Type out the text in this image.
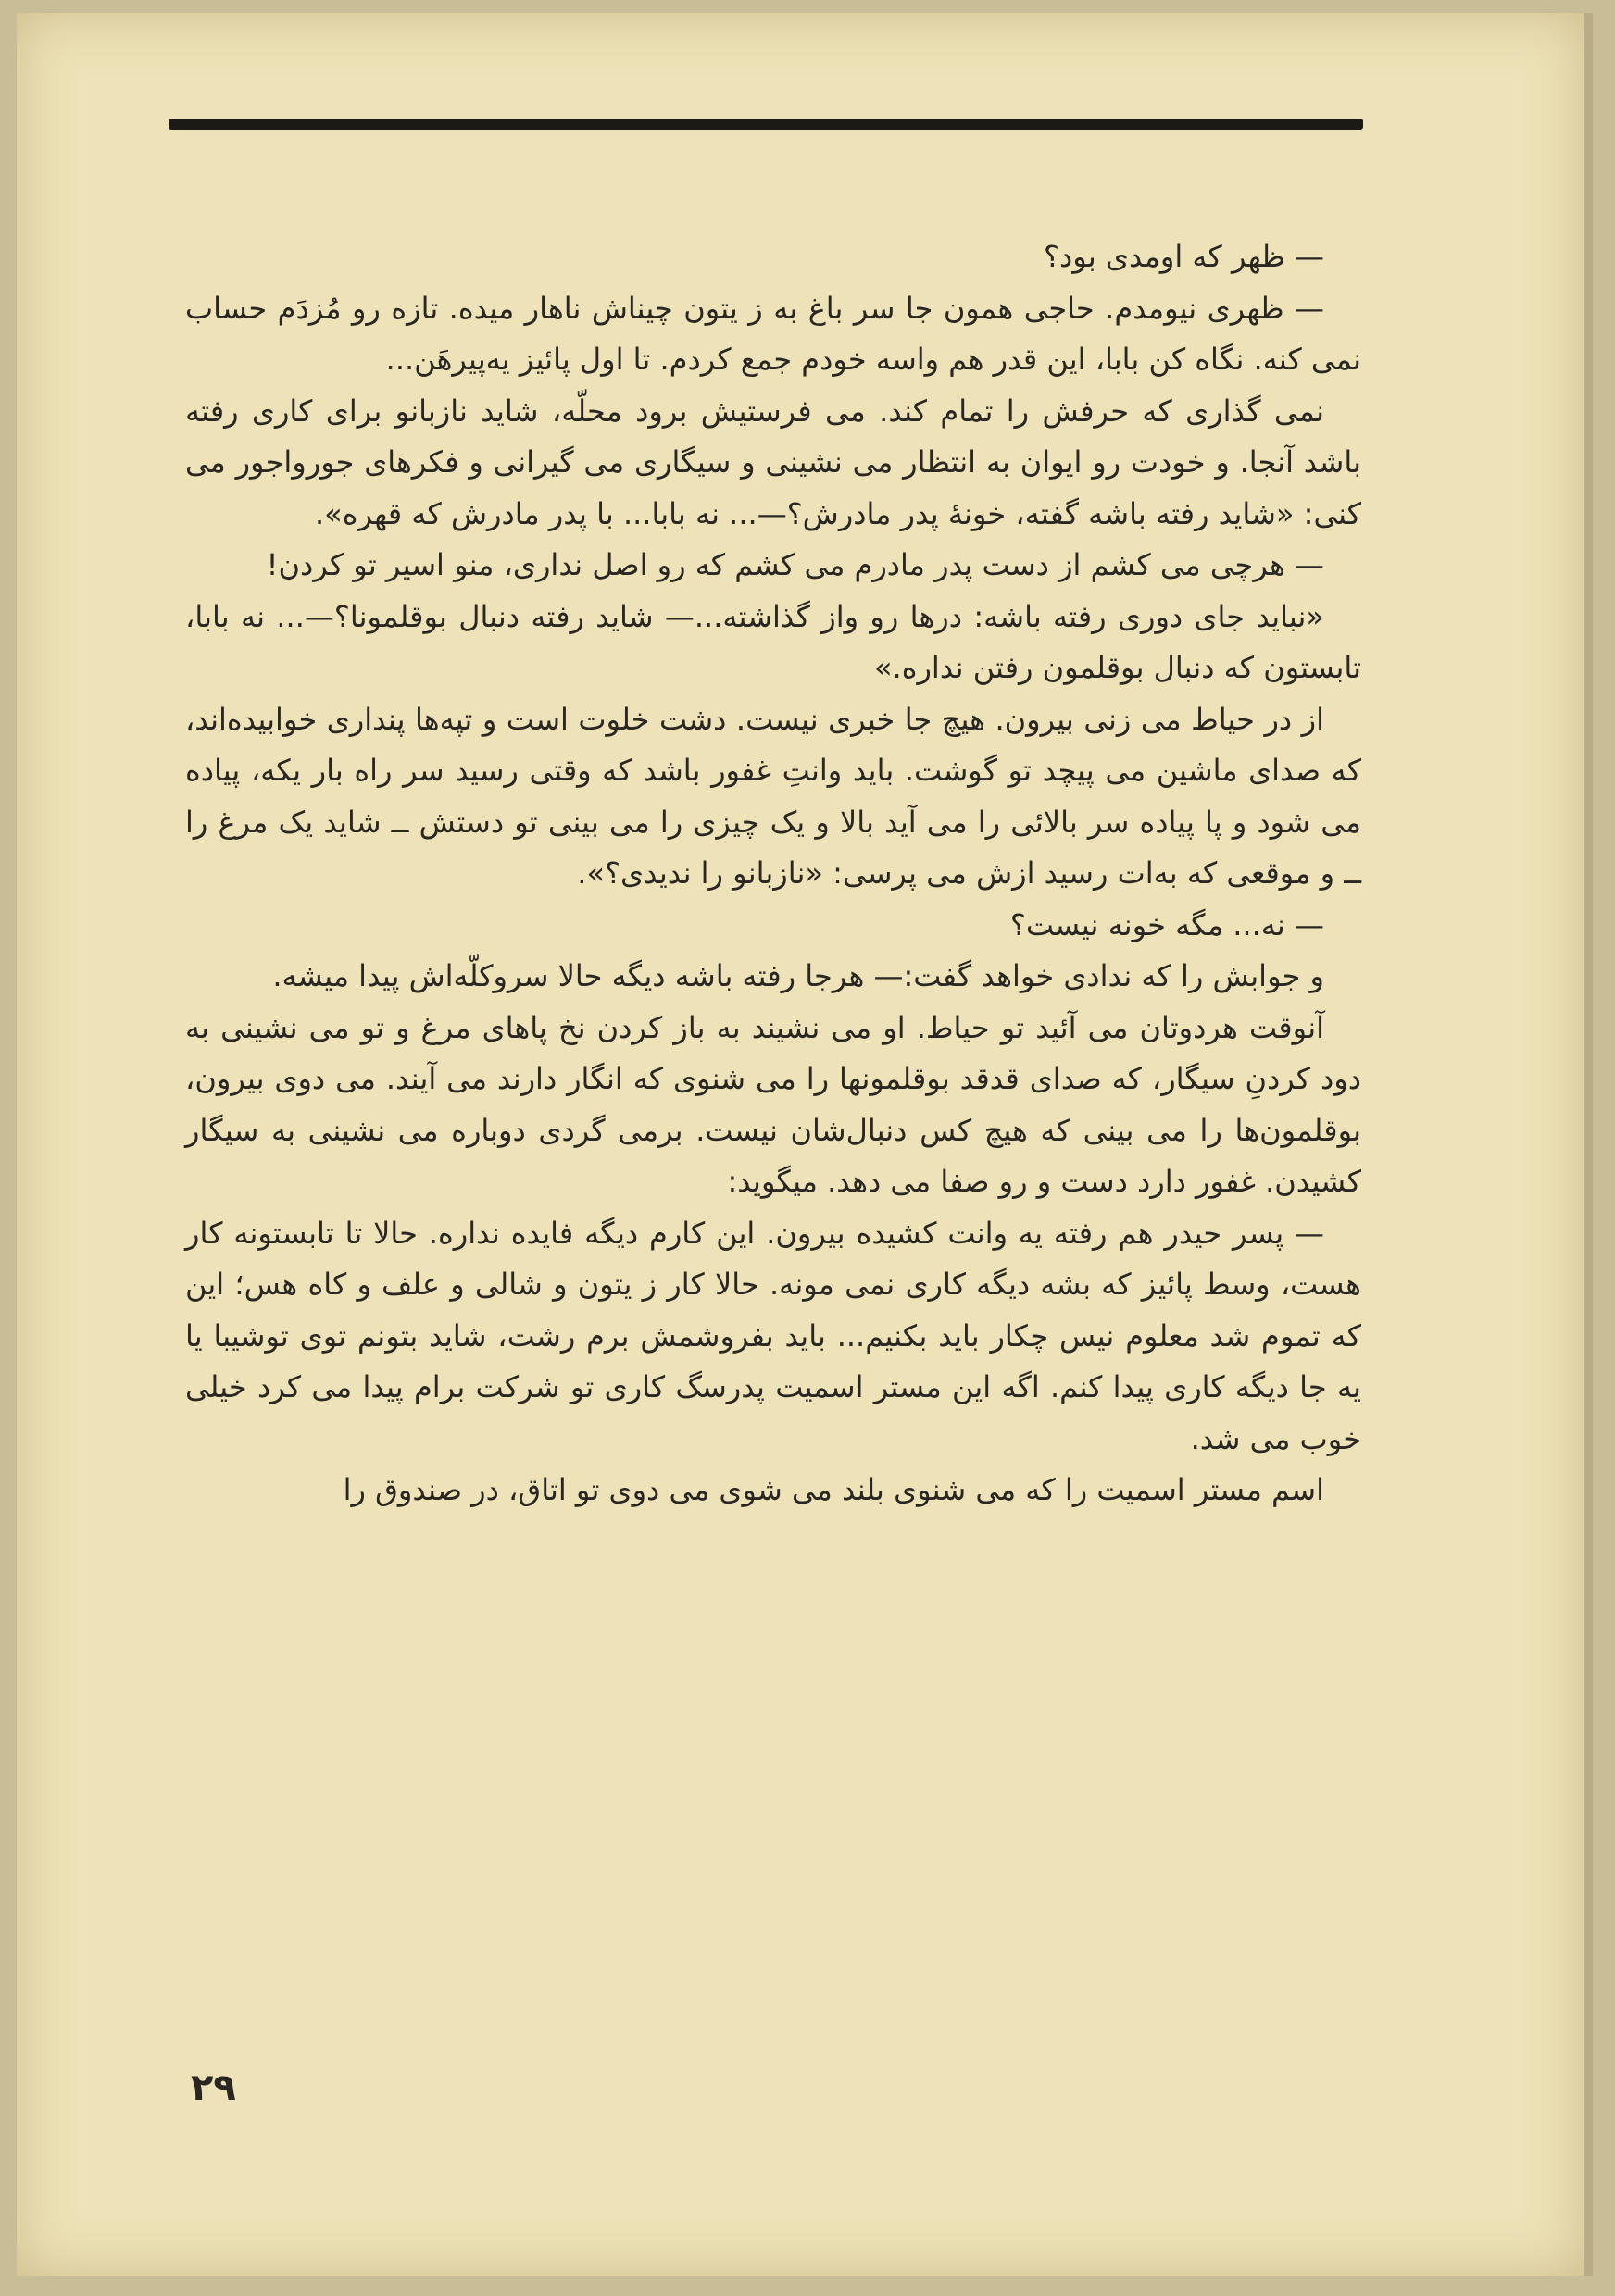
— ظهر که اومدی بود؟

— ظهری نیومدم. حاجی همون جا سر باغ به ز یتون چیناش ناهار میده. تازه رو مُزدَم حساب نمی کنه. نگاه کن بابا، این قدر هم واسه خودم جمع کردم. تا اول پائیز یه‌پیرهَن...

نمی گذاری که حرفش را تمام کند. می فرستیش برود محلّه، شاید نازبانو برای کاری رفته باشد آنجا. و خودت رو ایوان به انتظار می نشینی و سیگاری می گیرانی و فکرهای جورواجور می کنی: «شاید رفته باشه گفته، خونهٔ پدر مادرش؟—... نه بابا... با پدر مادرش که قهره».

— هرچی می کشم از دست پدر مادرم می کشم که رو اصل نداری، منو اسیر تو کردن!

«نباید جای دوری رفته باشه: درها رو واز گذاشته...— شاید رفته دنبال بوقلمونا؟—... نه بابا، تابستون که دنبال بوقلمون رفتن نداره.»

از در حیاط می زنی بیرون. هیچ جا خبری نیست. دشت خلوت است و تپه‌ها پنداری خوابیده‌اند، که صدای ماشین می پیچد تو گوشت. باید وانتِ غفور باشد که وقتی رسید سر راه بار یکه، پیاده می شود و پا پیاده سر بالائی را می آید بالا و یک چیزی را می بینی تو دستش ــ شاید یک مرغ را ــ و موقعی که به‌ات رسید ازش می پرسی: «نازبانو را ندیدی؟».

— نه... مگه خونه نیست؟

و جوابش را که ندادی خواهد گفت:— هرجا رفته باشه دیگه حالا سروکلّه‌اش پیدا میشه.

آنوقت هردوتان می آئید تو حیاط. او می نشیند به باز کردن نخ پاهای مرغ و تو می نشینی به دود کردنِ سیگار، که صدای قدقد بوقلمونها را می شنوی که انگار دارند می آیند. می دوی بیرون، بوقلمون‌ها را می بینی که هیچ کس دنبال‌شان نیست. برمی گردی دوباره می نشینی به سیگار کشیدن. غفور دارد دست و رو صفا می دهد. میگوید:

— پسر حیدر هم رفته یه وانت کشیده بیرون. این کارم دیگه فایده نداره. حالا تا تابستونه کار هست، وسط پائیز که بشه دیگه کاری نمی مونه. حالا کار ز یتون و شالی و علف و کاه هس؛ این که تموم شد معلوم نیس چکار باید بکنیم... باید بفروشمش برم رشت، شاید بتونم توی توشیبا یا یه جا دیگه کاری پیدا کنم. اگه این مستر اسمیت پدرسگ کاری تو شرکت برام پیدا می کرد خیلی خوب می شد.

اسم مستر اسمیت را که می شنوی بلند می شوی می دوی تو اتاق، در صندوق را

۲۹
